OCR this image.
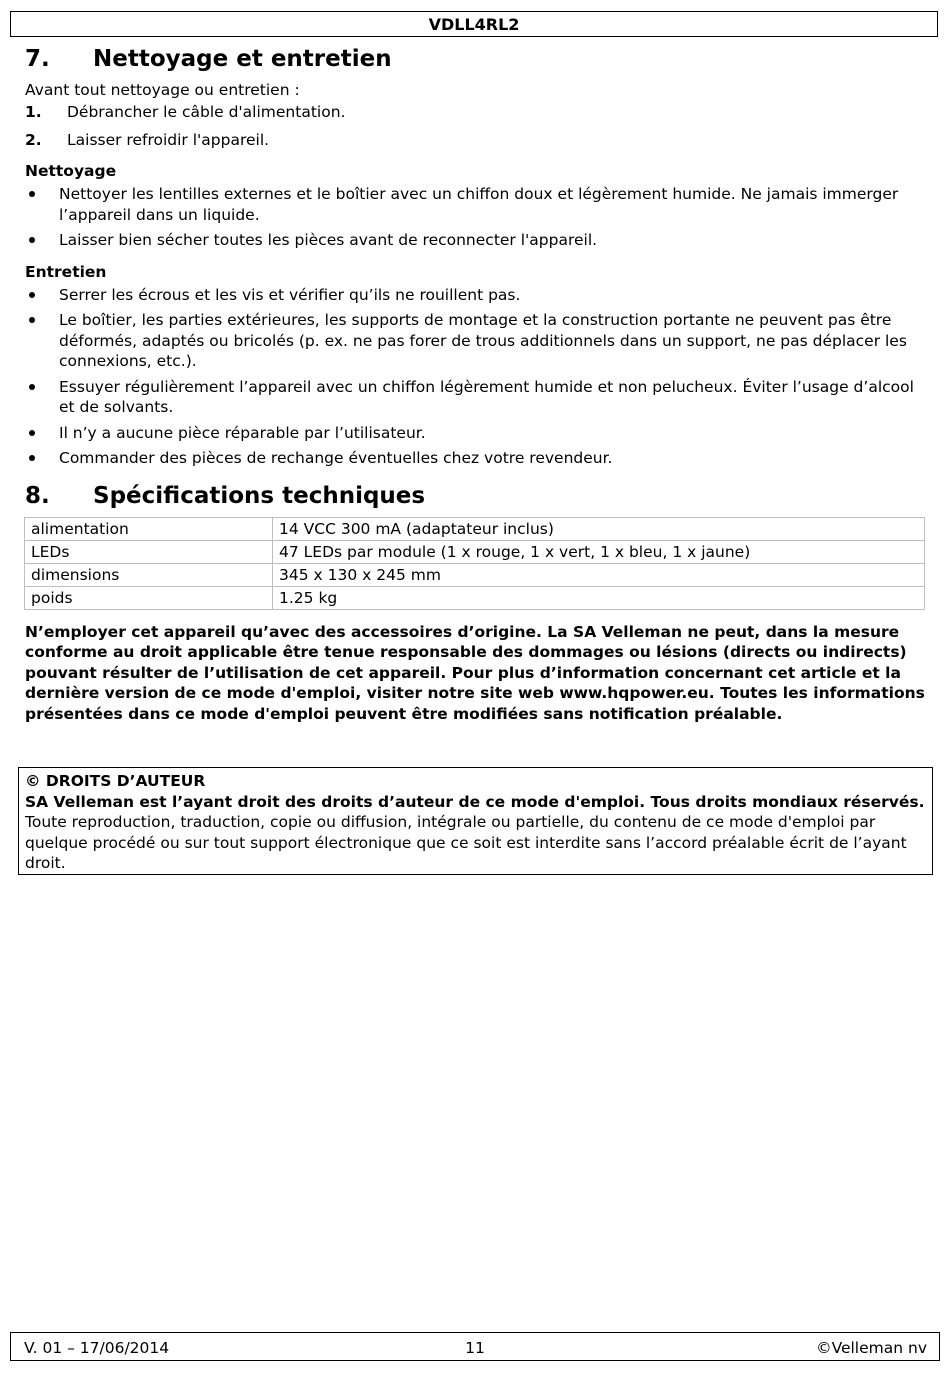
VDLL4RL2
7.	Nettoyage et entretien

Avant tout nettoyage ou entretien :

1.	Débrancher le câble d'alimentation.
2.	Laisser refroidir l'appareil.
Nettoyage
Nettoyer les lentilles externes et le boîtier avec un chiffon doux et légèrement humide. Ne jamais immerger l’appareil dans un liquide.
Laisser bien sécher toutes les pièces avant de reconnecter l'appareil.
Entretien
Serrer les écrous et les vis et vérifier qu’ils ne rouillent pas.
Le boîtier, les parties extérieures, les supports de montage et la construction portante ne peuvent pas être déformés, adaptés ou bricolés (p. ex. ne pas forer de trous additionnels dans un support, ne pas déplacer les connexions, etc.).
Essuyer régulièrement l’appareil avec un chiffon légèrement humide et non pelucheux. Éviter l’usage d’alcool et de solvants.
Il n’y a aucune pièce réparable par l’utilisateur.
Commander des pièces de rechange éventuelles chez votre revendeur.
8.	Spécifications techniques
alimentation	14 VCC 300 mA (adaptateur inclus)
LEDs	47 LEDs par module (1 x rouge, 1 x vert, 1 x bleu, 1 x jaune)
dimensions	345 x 130 x 245 mm
poids	1.25 kg

N’employer cet appareil qu’avec des accessoires d’origine. La SA Velleman ne peut, dans la mesure conforme au droit applicable être tenue responsable des dommages ou lésions (directs ou indirects) pouvant résulter de l’utilisation de cet appareil. Pour plus d’information concernant cet article et la dernière version de ce mode d'emploi, visiter notre site web www.hqpower.eu. Toutes les informations présentées dans ce mode d'emploi peuvent être modifiées sans notification préalable.

© DROITS D’AUTEUR
SA Velleman est l’ayant droit des droits d’auteur de ce mode d'emploi. Tous droits mondiaux réservés. Toute reproduction, traduction, copie ou diffusion, intégrale ou partielle, du contenu de ce mode d'emploi par quelque procédé ou sur tout support électronique que ce soit est interdite sans l’accord préalable écrit de l’ayant droit.
V. 01 – 17/06/2014	11	©Velleman nv
